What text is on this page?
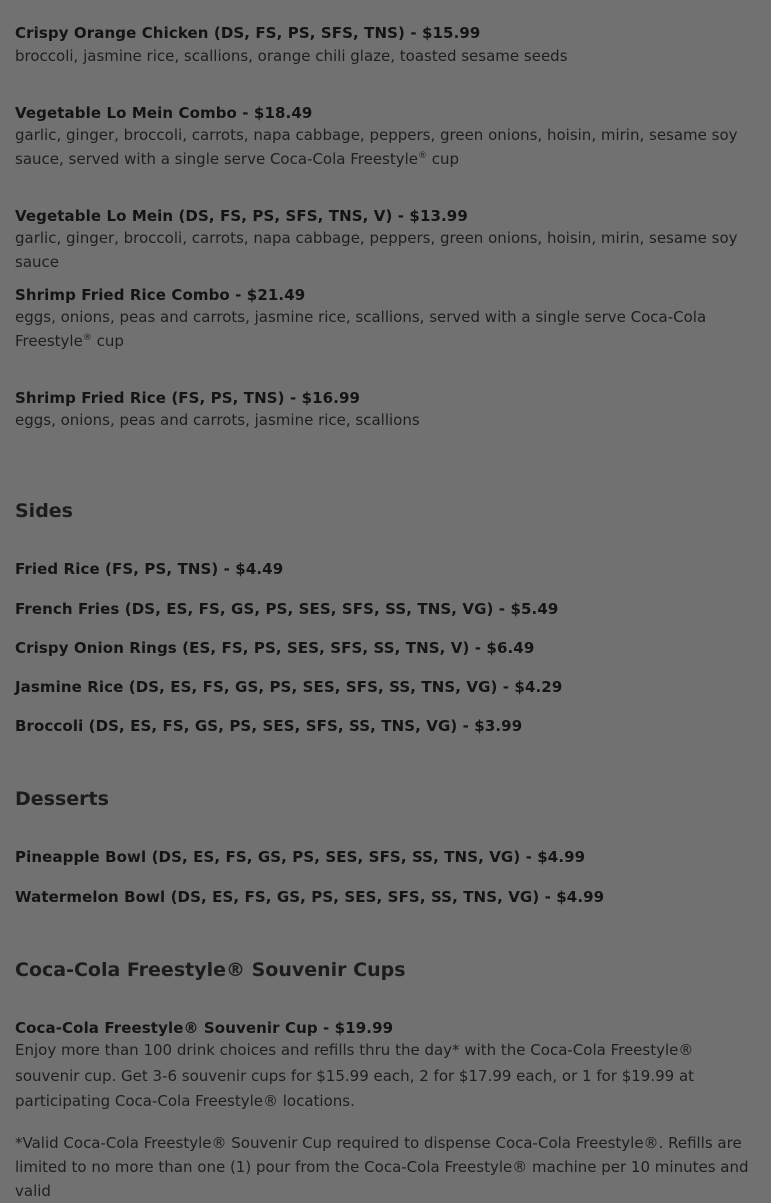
Crispy Orange Chicken (DS, FS, PS, SFS, TNS) - $15.99
broccoli, jasmine rice, scallions, orange chili glaze, toasted sesame seeds
Vegetable Lo Mein Combo - $18.49
garlic, ginger, broccoli, carrots, napa cabbage, peppers, green onions, hoisin, mirin, sesame soy sauce, served with a single serve Coca-Cola Freestyle® cup
Vegetable Lo Mein (DS, FS, PS, SFS, TNS, V) - $13.99
garlic, ginger, broccoli, carrots, napa cabbage, peppers, green onions, hoisin, mirin, sesame soy sauce
Shrimp Fried Rice Combo - $21.49
eggs, onions, peas and carrots, jasmine rice, scallions, served with a single serve Coca-Cola Freestyle® cup
Shrimp Fried Rice (FS, PS, TNS) - $16.99
eggs, onions, peas and carrots, jasmine rice, scallions
Sides
Fried Rice (FS, PS, TNS) - $4.49
French Fries (DS, ES, FS, GS, PS, SES, SFS, SS, TNS, VG) - $5.49
Crispy Onion Rings (ES, FS, PS, SES, SFS, SS, TNS, V) - $6.49
Jasmine Rice (DS, ES, FS, GS, PS, SES, SFS, SS, TNS, VG) - $4.29
Broccoli (DS, ES, FS, GS, PS, SES, SFS, SS, TNS, VG) - $3.99
Desserts
Pineapple Bowl (DS, ES, FS, GS, PS, SES, SFS, SS, TNS, VG) - $4.99
Watermelon Bowl (DS, ES, FS, GS, PS, SES, SFS, SS, TNS, VG) - $4.99
Coca-Cola Freestyle® Souvenir Cups
Coca-Cola Freestyle® Souvenir Cup - $19.99
Enjoy more than 100 drink choices and refills thru the day* with the Coca-Cola Freestyle® souvenir cup. Get 3-6 souvenir cups for $15.99 each, 2 for $17.99 each, or 1 for $19.99 at participating Coca-Cola Freestyle® locations.
*Valid Coca-Cola Freestyle® Souvenir Cup required to dispense Coca-Cola Freestyle®. Refills are limited to no more than one (1) pour from the Coca-Cola Freestyle® machine per 10 minutes and valid
